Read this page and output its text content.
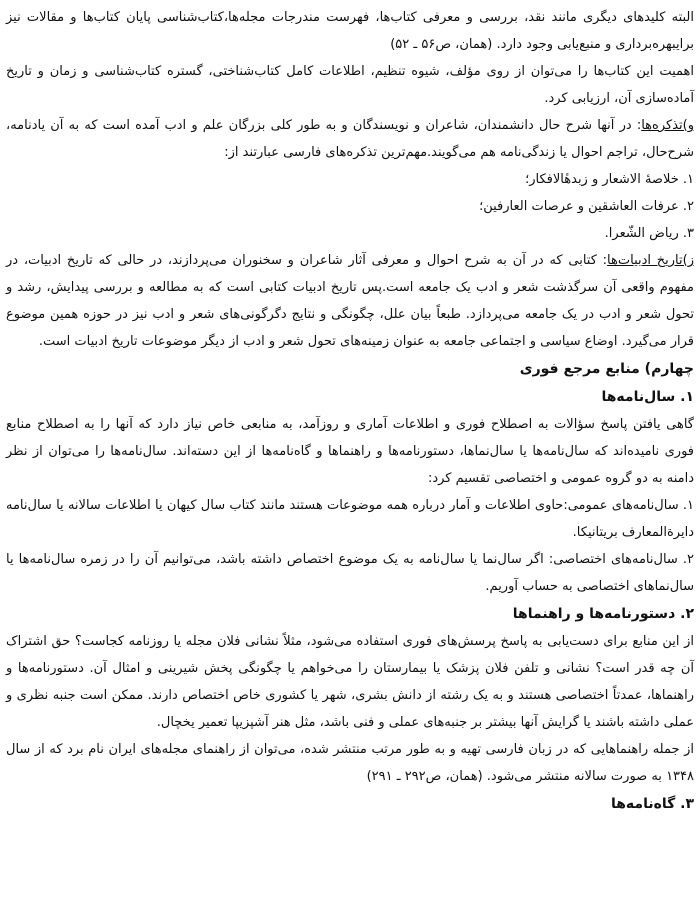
البته کلیدهای دیگری مانند نقد، بررسی و معرفی کتاب‌ها، فهرست مندرجات مجله‌ها،کتاب‌شناسی پایان کتاب‌ها و مقالات نیز برایبهره‌برداری و منبع‌یابی وجود دارد. (همان، ص۵۶ ـ ۵۲)

اهمیت این کتاب‌ها را می‌توان از روی مؤلف، شیوه تنظیم، اطلاعات کامل کتاب‌شناختی، گستره کتاب‌شناسی و زمان و تاریخ آماده‌سازی آن، ارزیابی کرد.

و)تذکره‌ها: در آنها شرح حال دانشمندان، شاعران و نویسندگان و به طور کلی بزرگان علم و ادب آمده است که به آن یادنامه، شرح‌حال، تراجم احوال یا زندگی‌نامه هم می‌گویند.مهم‌ترین تذکره‌های فارسی عبارتند از:

۱. خلاصهٔ الاشعار و زبدهٔالافکار؛

۲. عرفات العاشقین و عرصات العارفین؛

۳. ریاض الشّعرا.

ز)تاریخ ادبیات‌ها: کتابی که در آن به شرح احوال و معرفی آثار شاعران و سخنوران می‌پردازند، در حالی که تاریخ ادبیات، در مفهوم واقعی آن سرگذشت شعر و ادب یک جامعه است.پس تاریخ ادبیات کتابی است که به مطالعه و بررسی پیدایش، رشد و تحول شعر و ادب در یک جامعه می‌پردازد. طبعاً بیان علل، چگونگی و نتایج دگرگونی‌های شعر و ادب نیز در حوزه همین موضوع قرار می‌گیرد. اوضاع سیاسی و اجتماعی جامعه به عنوان زمینه‌های تحول شعر و ادب از دیگر موضوعات تاریخ ادبیات است.

چهارم) منابع مرجع فوری

۱. سال‌نامه‌ها

گاهی یافتن پاسخ سؤالات به اصطلاح فوری و اطلاعات آماری و روزآمد، به منابعی خاص نیاز دارد که آنها را به اصطلاح منابع فوری نامیده‌اند که سال‌نامه‌ها یا سال‌نماها، دستورنامه‌ها و راهنماها و گاه‌نامه‌ها از این دسته‌اند. سال‌نامه‌ها را می‌توان از نظر دامنه به دو گروه عمومی و اختصاصی تقسیم کرد:

۱. سال‌نامه‌های عمومی:حاوی اطلاعات و آمار درباره همه موضوعات هستند مانند کتاب سال کیهان یا اطلاعات سالانه یا سال‌نامه دایرةالمعارف بریتانیکا.

۲. سال‌نامه‌های اختصاصی: اگر سال‌نما یا سال‌نامه به یک موضوع اختصاص داشته باشد، می‌توانیم آن را در زمره سال‌نامه‌ها یا سال‌نماهای اختصاصی به حساب آوریم.

۲. دستورنامه‌ها و راهنماها

از این منابع برای دست‌یابی به پاسخ پرسش‌های فوری استفاده می‌شود، مثلاً نشانی فلان مجله یا روزنامه کجاست؟ حق اشتراک آن چه قدر است؟ نشانی و تلفن فلان پزشک یا بیمارستان را می‌خواهم یا چگونگی پخش شیرینی و امثال آن. دستورنامه‌ها و راهنماها، عمدتاً اختصاصی هستند و به یک رشته از دانش بشری، شهر یا کشوری خاص اختصاص دارند. ممکن است جنبه نظری و عملی داشته باشند یا گرایش آنها بیشتر بر جنبه‌های عملی و فنی باشد، مثل هنر آشپزیپا تعمیر یخچال.

از جمله راهنماهایی که در زبان فارسی تهیه و به طور مرتب منتشر شده، می‌توان از راهنمای مجله‌های ایران نام برد که از سال ۱۳۴۸ به صورت سالانه منتشر می‌شود. (همان، ص۲۹۲ ـ ۲۹۱)

۳. گاه‌نامه‌ها
